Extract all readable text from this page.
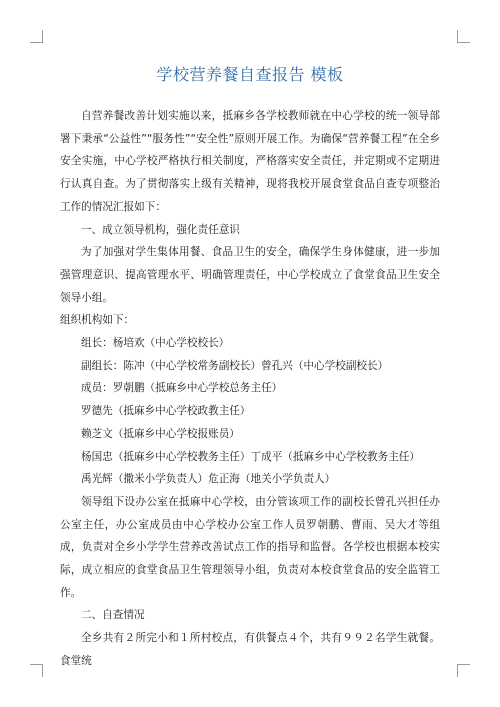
学校营养餐自查报告 模板

自营养餐改善计划实施以来，抵麻乡各学校教师就在中心学校的统一领导部署下秉承“公益性”“服务性”“安全性”原则开展工作。为确保“营养餐工程”在全乡安全实施，中心学校严格执行相关制度，严格落实安全责任，并定期或不定期进行认真自查。为了贯彻落实上级有关精神，现将我校开展食堂食品自查专项整治工作的情况汇报如下：

一、成立领导机构，强化责任意识

为了加强对学生集体用餐、食品卫生的安全，确保学生身体健康，进一步加强管理意识、提高管理水平、明确管理责任，中心学校成立了食堂食品卫生安全领导小组。

组织机构如下：

组长：杨培欢（中心学校校长）

副组长：陈冲（中心学校常务副校长）曾孔兴（中心学校副校长）

成员：罗朝鹏（抵麻乡中心学校总务主任）

罗德先（抵麻乡中心学校政教主任）

赖芝文（抵麻乡中心学校报账员）

杨国忠（抵麻乡中心学校教务主任）丁成平（抵麻乡中心学校教务主任）

禹光辉（撒米小学负责人）危正海（地关小学负责人）

领导组下设办公室在抵麻中心学校，由分管该项工作的副校长曾孔兴担任办公室主任，办公室成员由中心学校办公室工作人员罗朝鹏、曹雨、吴大才等组成，负责对全乡小学学生营养改善试点工作的指导和监督。各学校也根据本校实际，成立相应的食堂食品卫生管理领导小组，负责对本校食堂食品的安全监管工作。

二、自查情况

全乡共有２所完小和１所村校点，有供餐点４个，共有９９２名学生就餐。食堂统
